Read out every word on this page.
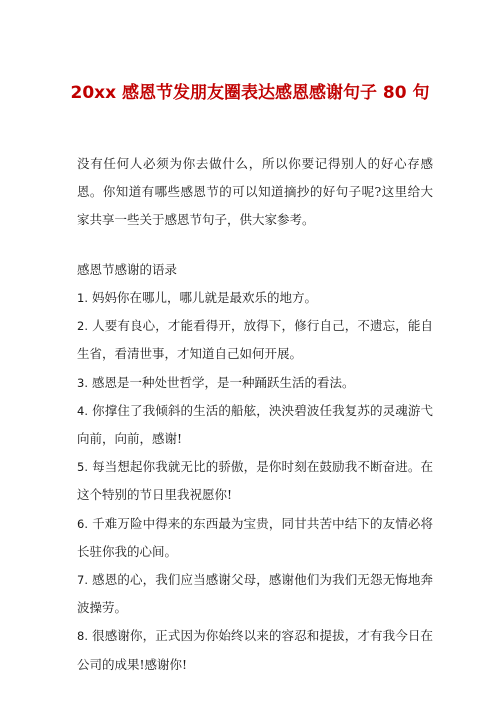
20xx 感恩节发朋友圈表达感恩感谢句子 80 句

没有任何人必须为你去做什么，所以你要记得别人的好心存感恩。你知道有哪些感恩节的可以知道摘抄的好句子呢?这里给大家共享一些关于感恩节句子，供大家参考。

感恩节感谢的语录

1. 妈妈你在哪儿，哪儿就是最欢乐的地方。
2. 人要有良心，才能看得开，放得下，修行自己，不遗忘，能自生省，看清世事，才知道自己如何开展。
3. 感恩是一种处世哲学，是一种踊跃生活的看法。
4. 你撑住了我倾斜的生活的船舷，泱泱碧波任我复苏的灵魂游弋向前，向前，感谢!
5. 每当想起你我就无比的骄傲，是你时刻在鼓励我不断奋进。在这个特别的节日里我祝愿你!
6. 千难万险中得来的东西最为宝贵，同甘共苦中结下的友情必将长驻你我的心间。
7. 感恩的心，我们应当感谢父母，感谢他们为我们无怨无悔地奔波操劳。
8. 很感谢你，正式因为你始终以来的容忍和提拔，才有我今日在公司的成果!感谢你!
